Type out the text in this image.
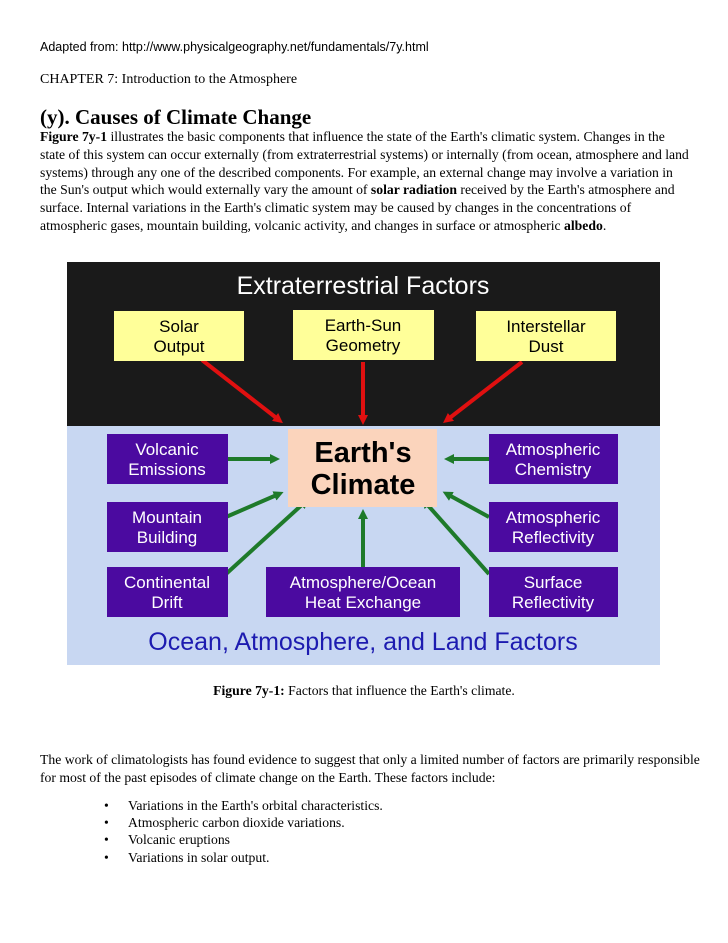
Adapted from: http://www.physicalgeography.net/fundamentals/7y.html
CHAPTER 7: Introduction to the Atmosphere
(y). Causes of Climate Change
Figure 7y-1 illustrates the basic components that influence the state of the Earth's climatic system. Changes in the state of this system can occur externally (from extraterrestrial systems) or internally (from ocean, atmosphere and land systems) through any one of the described components. For example, an external change may involve a variation in the Sun's output which would externally vary the amount of solar radiation received by the Earth's atmosphere and surface. Internal variations in the Earth's climatic system may be caused by changes in the concentrations of atmospheric gases, mountain building, volcanic activity, and changes in surface or atmospheric albedo.
Extraterrestrial Factors
Solar
Output
Earth-Sun
Geometry
Interstellar
Dust
Earth's
Climate
Volcanic
Emissions
Mountain
Building
Continental
Drift
Atmosphere/Ocean
Heat Exchange
Atmospheric
Chemistry
Atmospheric
Reflectivity
Surface
Reflectivity
Ocean, Atmosphere, and Land Factors
Figure 7y-1: Factors that influence the Earth's climate.
The work of climatologists has found evidence to suggest that only a limited number of factors are primarily responsible for most of the past episodes of climate change on the Earth. These factors include:
• Variations in the Earth's orbital characteristics.
• Atmospheric carbon dioxide variations.
• Volcanic eruptions
• Variations in solar output.
